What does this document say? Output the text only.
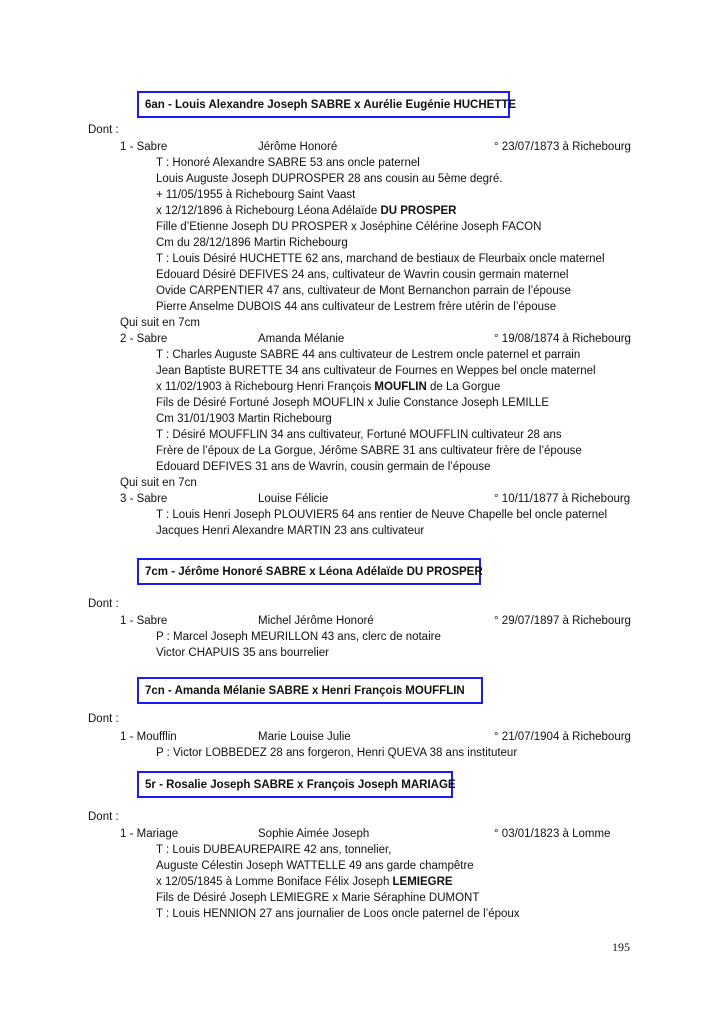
6an - Louis Alexandre Joseph SABRE x Aurélie Eugénie HUCHETTE
Dont :
1 - Sabre	Jérôme Honoré	° 23/07/1873 à Richebourg
T : Honoré Alexandre SABRE 53 ans oncle paternel
Louis Auguste Joseph DUPROSPER 28 ans cousin au 5ème degré.
+ 11/05/1955 à Richebourg Saint Vaast
x 12/12/1896 à Richebourg Léona Adélaïde DU PROSPER
Fille d’Etienne Joseph DU PROSPER x Joséphine Célérine Joseph FACON
Cm du 28/12/1896 Martin Richebourg
T : Louis Désiré HUCHETTE 62 ans, marchand de bestiaux de Fleurbaix oncle maternel
Edouard Désiré DEFIVES 24 ans, cultivateur de Wavrin cousin germain maternel
Ovide CARPENTIER 47 ans, cultivateur de Mont Bernanchon parrain de l’épouse
Pierre Anselme DUBOIS 44 ans cultivateur de Lestrem frère utérin de l’épouse
Qui suit en 7cm
2 - Sabre	Amanda Mélanie	° 19/08/1874 à Richebourg
T : Charles Auguste SABRE 44 ans cultivateur de Lestrem oncle paternel et parrain
Jean Baptiste BURETTE 34 ans cultivateur de Fournes en Weppes bel oncle maternel
x 11/02/1903 à Richebourg Henri François MOUFLIN de La Gorgue
Fils de Désiré Fortuné Joseph MOUFLIN x Julie Constance Joseph LEMILLE
Cm 31/01/1903 Martin Richebourg
T : Désiré MOUFFLIN 34 ans cultivateur, Fortuné MOUFFLIN cultivateur 28 ans
Frère de l’époux de La Gorgue, Jérôme SABRE 31 ans cultivateur frère de l’épouse
Edouard DEFIVES 31 ans de Wavrin, cousin germain de l’épouse
Qui suit en 7cn
3 - Sabre	Louise Félicie	° 10/11/1877 à Richebourg
T : Louis Henri Joseph PLOUVIER5 64 ans rentier de Neuve Chapelle bel oncle paternel
Jacques Henri Alexandre MARTIN 23 ans cultivateur
7cm - Jérôme Honoré SABRE x Léona Adélaïde DU PROSPER
Dont :
1 - Sabre	Michel Jérôme Honoré	° 29/07/1897 à Richebourg
P : Marcel Joseph MEURILLON 43 ans, clerc de notaire
Victor CHAPUIS 35 ans bourrelier
7cn - Amanda Mélanie SABRE x Henri François MOUFFLIN
Dont :
1 - Moufflin	Marie Louise Julie	° 21/07/1904 à Richebourg
P : Victor LOBBEDEZ 28 ans forgeron, Henri QUEVA 38 ans instituteur
5r - Rosalie Joseph SABRE x François Joseph MARIAGE
Dont :
1 - Mariage	Sophie Aimée Joseph	° 03/01/1823 à Lomme
T : Louis DUBEAUREPAIRE 42 ans, tonnelier,
Auguste Célestin Joseph WATTELLE 49 ans garde champêtre
x 12/05/1845 à Lomme Boniface Félix Joseph LEMIEGRE
Fils de Désiré Joseph LEMIEGRE x Marie Séraphine DUMONT
T : Louis HENNION 27 ans journalier de Loos oncle paternel de l’époux
195
